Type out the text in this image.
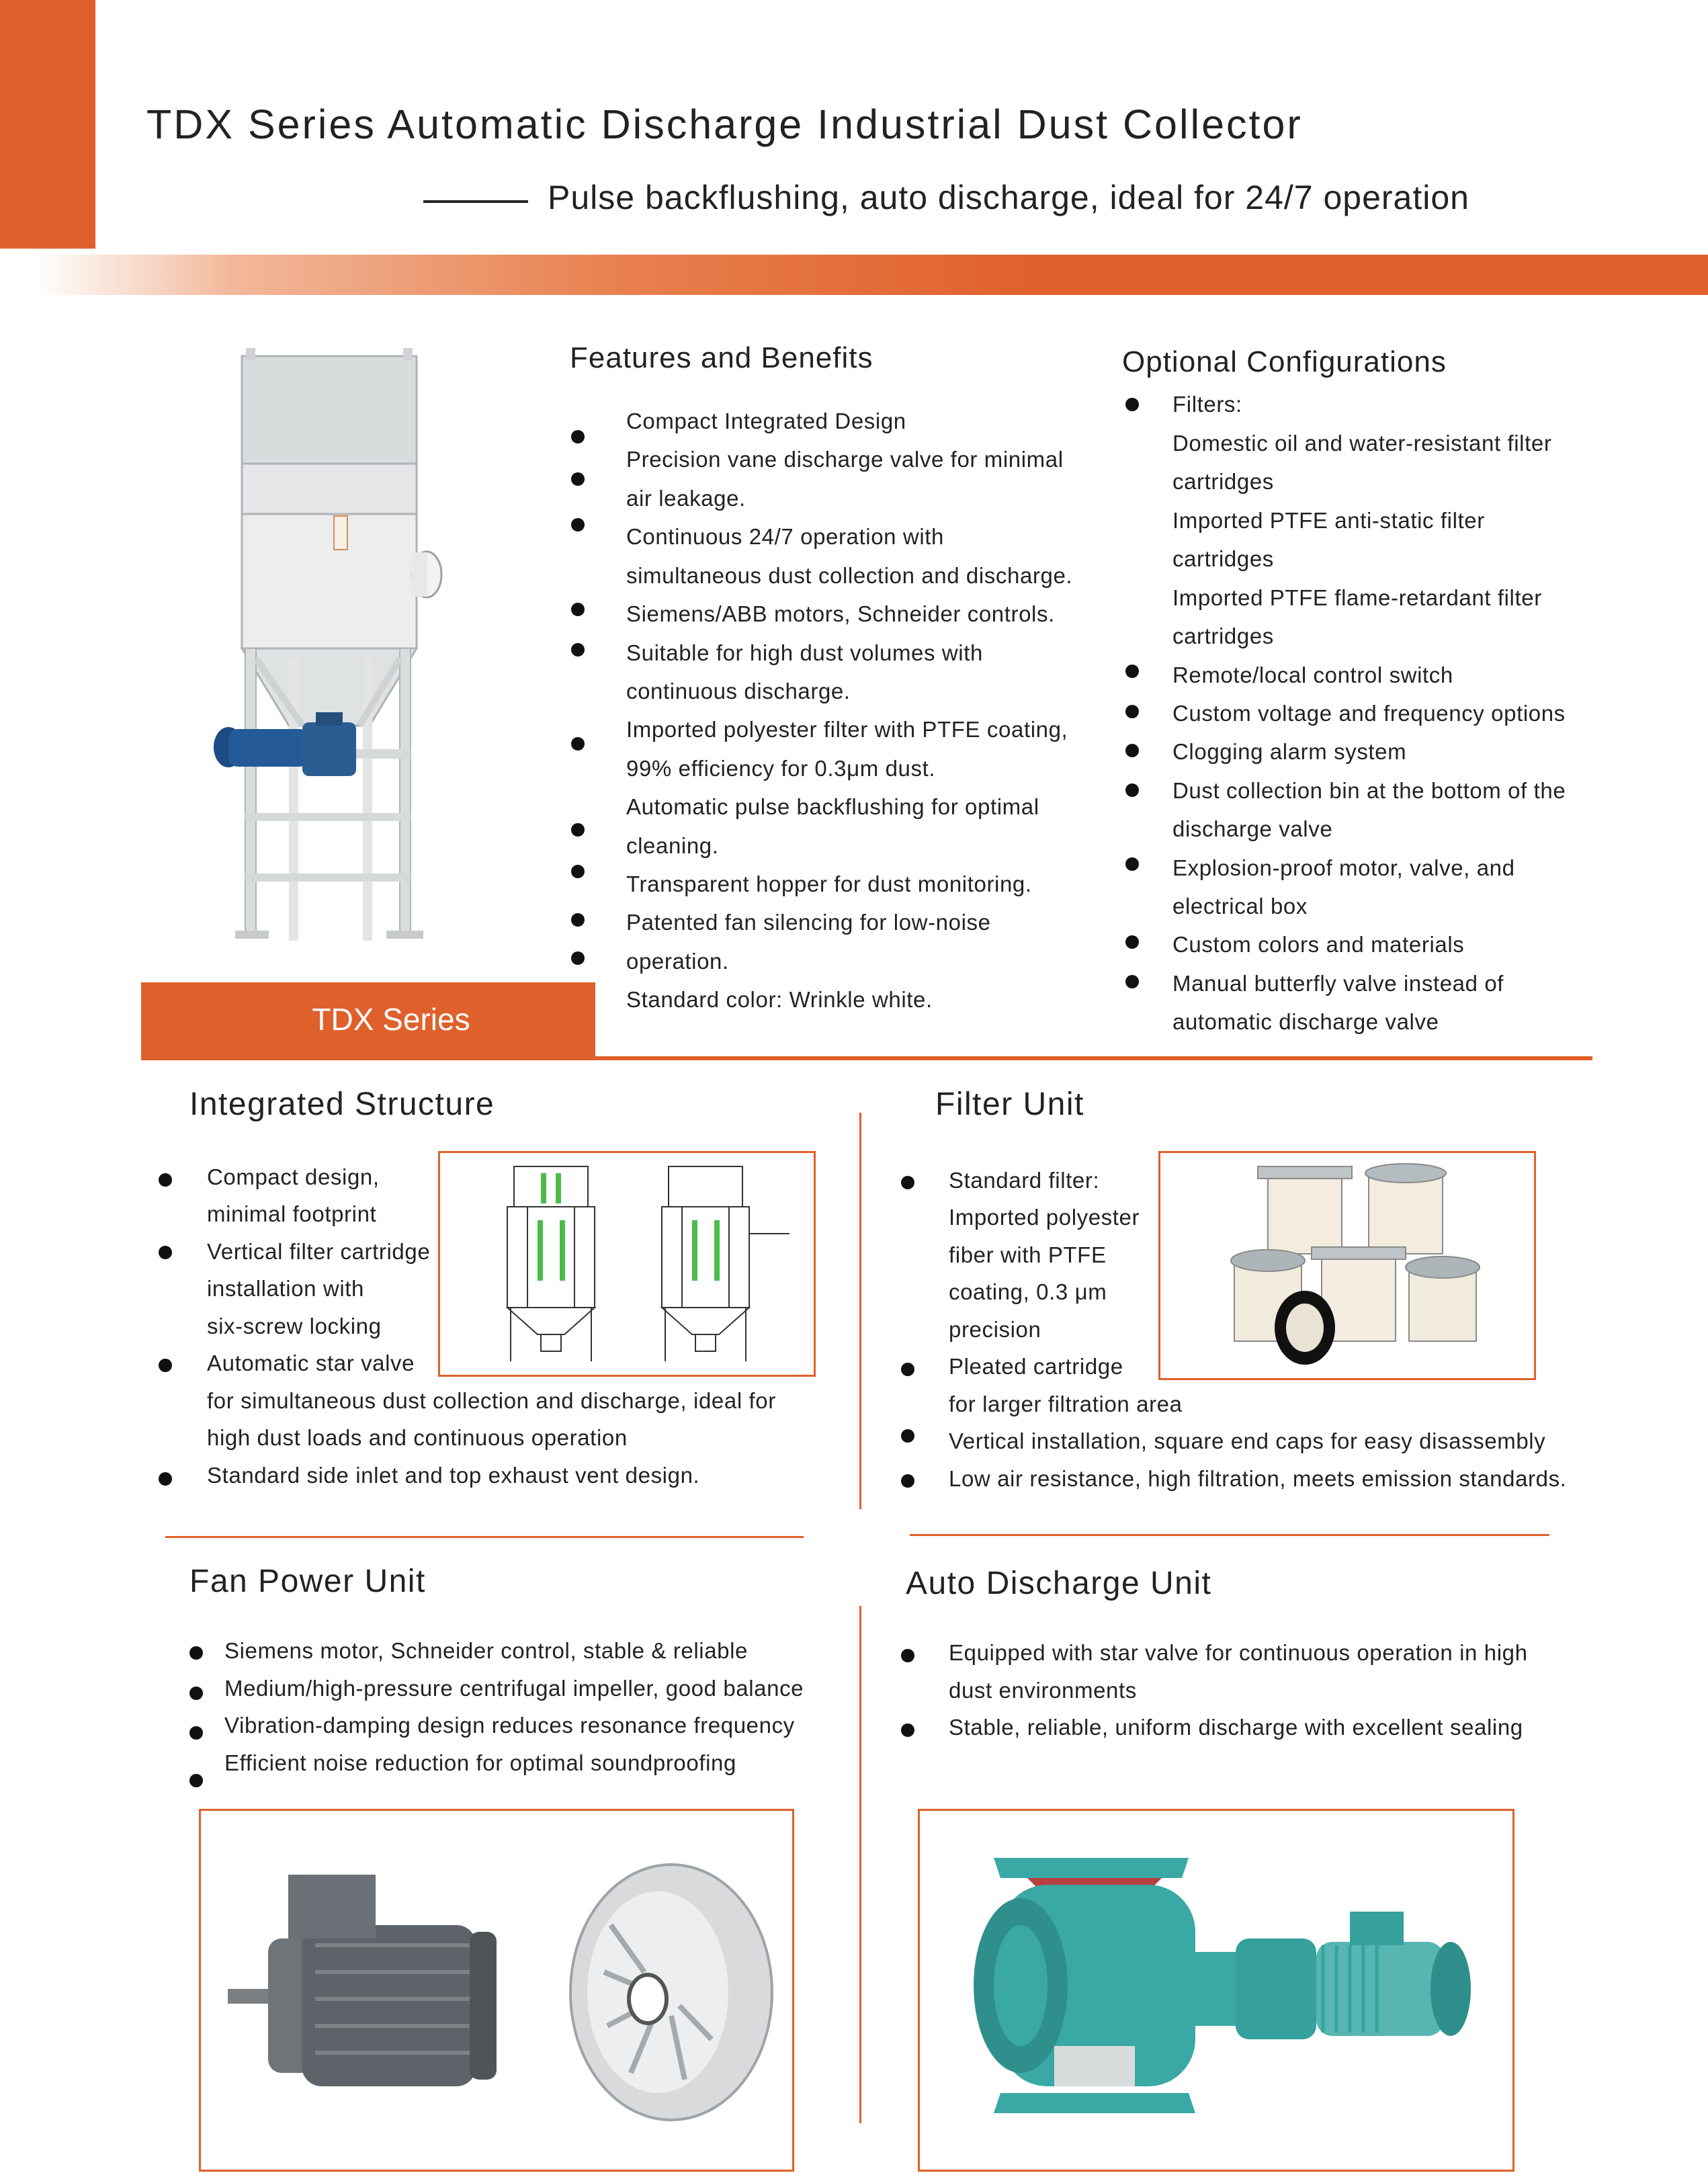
TDX Series Automatic Discharge Industrial Dust Collector
Pulse backflushing, auto discharge, ideal for 24/7 operation
TDX Series
Features and Benefits
Compact Integrated Design
Precision vane discharge valve for minimal
air leakage.
Continuous 24/7 operation with
simultaneous dust collection and discharge.
Siemens/ABB motors, Schneider controls.
Suitable for high dust volumes with
continuous discharge.
Imported polyester filter with PTFE coating,
99% efficiency for 0.3μm dust.
Automatic pulse backflushing for optimal
cleaning.
Transparent hopper for dust monitoring.
Patented fan silencing for low-noise
operation.
Standard color: Wrinkle white.
Optional Configurations
Filters:
Domestic oil and water-resistant filter
cartridges
Imported PTFE anti-static filter
cartridges
Imported PTFE flame-retardant filter
cartridges
Remote/local control switch
Custom voltage and frequency options
Clogging alarm system
Dust collection bin at the bottom of the
discharge valve
Explosion-proof motor, valve, and
electrical box
Custom colors and materials
Manual butterfly valve instead of
automatic discharge valve
Integrated Structure
Compact design,
minimal footprint
Vertical filter cartridge
installation with
six-screw locking
Automatic star valve
for simultaneous dust collection and discharge, ideal for
high dust loads and continuous operation
Standard side inlet and top exhaust vent design.
Filter Unit
Standard filter:
Imported polyester
fiber with PTFE
coating, 0.3 μm
precision
Pleated cartridge
for larger filtration area
Vertical installation, square end caps for easy disassembly
Low air resistance, high filtration, meets emission standards.
Fan Power Unit
Siemens motor, Schneider control, stable & reliable
Medium/high-pressure centrifugal impeller, good balance
Vibration-damping design reduces resonance frequency
Efficient noise reduction for optimal soundproofing
Auto Discharge Unit
Equipped with star valve for continuous operation in high
dust environments
Stable, reliable, uniform discharge with excellent sealing
